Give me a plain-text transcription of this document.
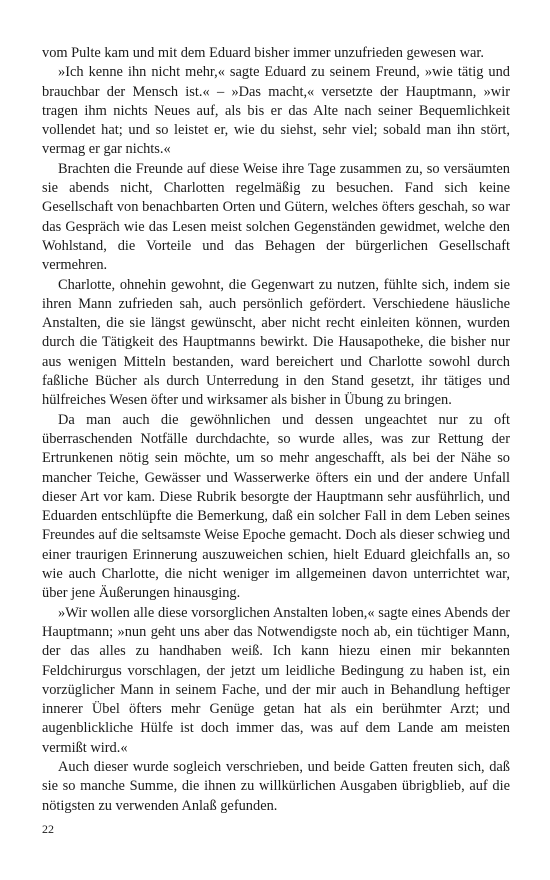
vom Pulte kam und mit dem Eduard bisher immer unzufrieden gewesen war.

»Ich kenne ihn nicht mehr,« sagte Eduard zu seinem Freund, »wie tätig und brauchbar der Mensch ist.« – »Das macht,« versetzte der Hauptmann, »wir tragen ihm nichts Neues auf, als bis er das Alte nach seiner Bequemlichkeit vollendet hat; und so leistet er, wie du siehst, sehr viel; sobald man ihn stört, vermag er gar nichts.«

Brachten die Freunde auf diese Weise ihre Tage zusammen zu, so versäumten sie abends nicht, Charlotten regelmäßig zu besuchen. Fand sich keine Gesellschaft von benachbarten Orten und Gütern, welches öfters geschah, so war das Gespräch wie das Lesen meist solchen Gegenständen gewidmet, welche den Wohlstand, die Vorteile und das Behagen der bürgerlichen Gesellschaft vermehren.

Charlotte, ohnehin gewohnt, die Gegenwart zu nutzen, fühlte sich, indem sie ihren Mann zufrieden sah, auch persönlich gefördert. Verschiedene häusliche Anstalten, die sie längst gewünscht, aber nicht recht einleiten können, wurden durch die Tätigkeit des Hauptmanns bewirkt. Die Hausapotheke, die bisher nur aus wenigen Mitteln bestanden, ward bereichert und Charlotte sowohl durch faßliche Bücher als durch Unterredung in den Stand gesetzt, ihr tätiges und hülfreiches Wesen öfter und wirksamer als bisher in Übung zu bringen.

Da man auch die gewöhnlichen und dessen ungeachtet nur zu oft überraschenden Notfälle durchdachte, so wurde alles, was zur Rettung der Ertrunkenen nötig sein möchte, um so mehr angeschafft, als bei der Nähe so mancher Teiche, Gewässer und Wasserwerke öfters ein und der andere Unfall dieser Art vor kam. Diese Rubrik besorgte der Hauptmann sehr ausführlich, und Eduarden entschlüpfte die Bemerkung, daß ein solcher Fall in dem Leben seines Freundes auf die seltsamste Weise Epoche gemacht. Doch als dieser schwieg und einer traurigen Erinnerung auszuweichen schien, hielt Eduard gleichfalls an, so wie auch Charlotte, die nicht weniger im allgemeinen davon unterrichtet war, über jene Äußerungen hinausging.

»Wir wollen alle diese vorsorglichen Anstalten loben,« sagte eines Abends der Hauptmann; »nun geht uns aber das Notwendigste noch ab, ein tüchtiger Mann, der das alles zu handhaben weiß. Ich kann hiezu einen mir bekannten Feldchirurgus vorschlagen, der jetzt um leidliche Bedingung zu haben ist, ein vorzüglicher Mann in seinem Fache, und der mir auch in Behandlung heftiger innerer Übel öfters mehr Genüge getan hat als ein berühmter Arzt; und augenblickliche Hülfe ist doch immer das, was auf dem Lande am meisten vermißt wird.«

Auch dieser wurde sogleich verschrieben, und beide Gatten freuten sich, daß sie so manche Summe, die ihnen zu willkürlichen Ausgaben übrigblieb, auf die nötigsten zu verwenden Anlaß gefunden.

22
